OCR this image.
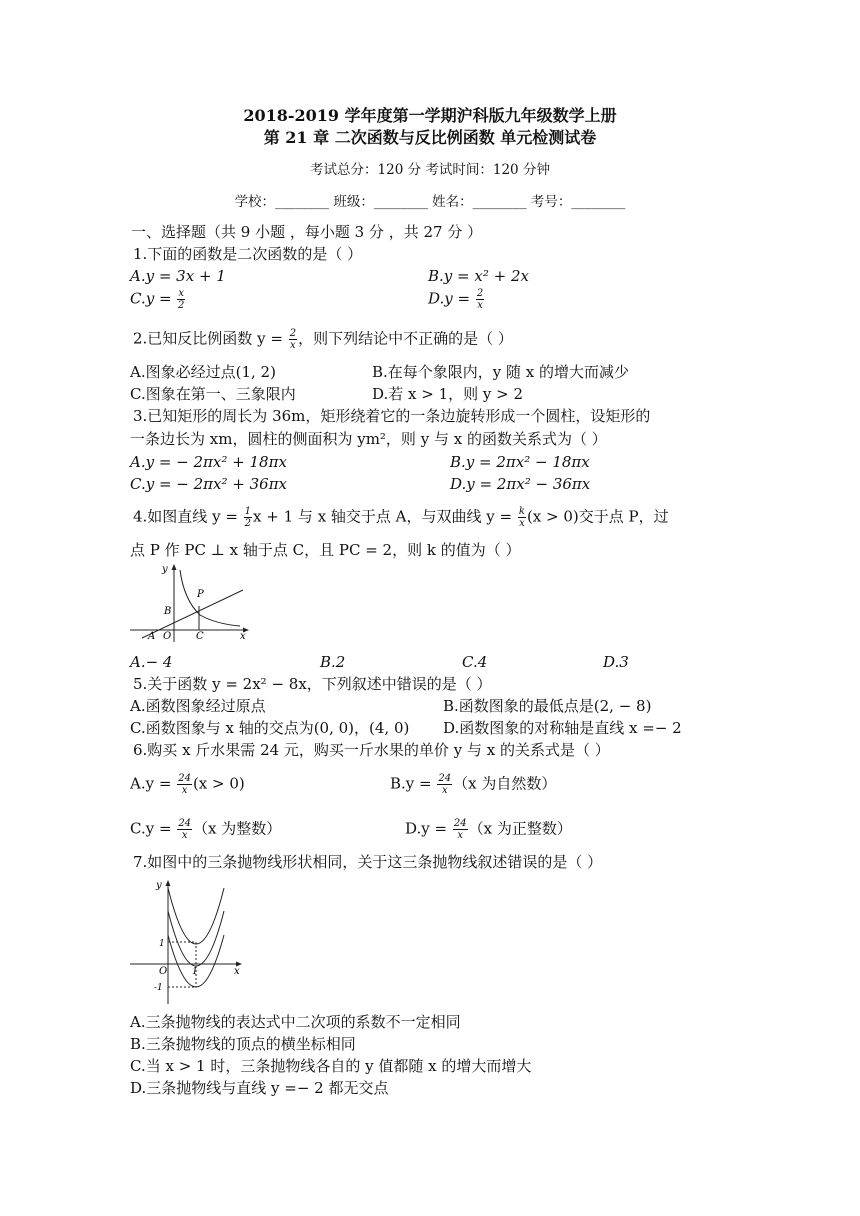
2018-2019 学年度第一学期沪科版九年级数学上册
第 21 章 二次函数与反比例函数 单元检测试卷
考试总分：120 分 考试时间：120 分钟
学校：________ 班级：________ 姓名：________ 考号：________
一、选择题（共 9 小题 ，每小题 3 分 ，共 27 分 ）
1.下面的函数是二次函数的是（ ）
A.y = 3x + 1	B.y = x² + 2x
$C.y = \frac{x}{2}$	$D.y = \frac{2}{x}$
2.已知反比例函数 $y = \frac{2}{x}$ ，则下列结论中不正确的是（ ）
A.图象必经过点(1, 2)	B.在每个象限内，y 随 x 的增大而减少
C.图象在第一、三象限内	D.若 x > 1，则 y > 2
3.已知矩形的周长为 36m，矩形绕着它的一条边旋转形成一个圆柱，设矩形的
一条边长为 xm，圆柱的侧面积为 ym²，则 y 与 x 的函数关系式为（ ）
A.y = − 2πx² + 18πx	B.y = 2πx² − 18πx
C.y = − 2πx² + 36πx	D.y = 2πx² − 36πx
4.如图直线 $y = \frac{1}{2}$ x + 1 与 x 轴交于点 A，与双曲线 $y = \frac{k}{x} (x > 0)$交于点 P，过
点 P 作 PC ⊥ x 轴于点 C，且 PC = 2，则 k 的值为（ ）
y
x
P
B
A O C
A.− 4	B.2	C.4	D.3
5.关于函数 y = 2x² − 8x，下列叙述中错误的是（ ）
A.函数图象经过原点	B.函数图象的最低点是(2, − 8)
C.函数图象与 x 轴的交点为(0, 0)，(4, 0) D.函数图象的对称轴是直线 x =− 2
6.购买 x 斤水果需 24 元，购买一斤水果的单价 y 与 x 的关系式是（ ）
$A.y = \frac{24}{x} (x > 0)$	$B.y = \frac{24}{x} (x$ 为自然数）
$C.y = \frac{24}{x} (x$ 为整数）	$D.y = \frac{24}{x} (x$ 为正整数）
7.如图中的三条抛物线形状相同，关于这三条抛物线叙述错误的是（ ）
y
x
1
-1
O	1
A.三条抛物线的表达式中二次项的系数不一定相同
B.三条抛物线的顶点的横坐标相同
C.当 x > 1 时，三条抛物线各自的 y 值都随 x 的增大而增大
D.三条抛物线与直线 y =− 2 都无交点
